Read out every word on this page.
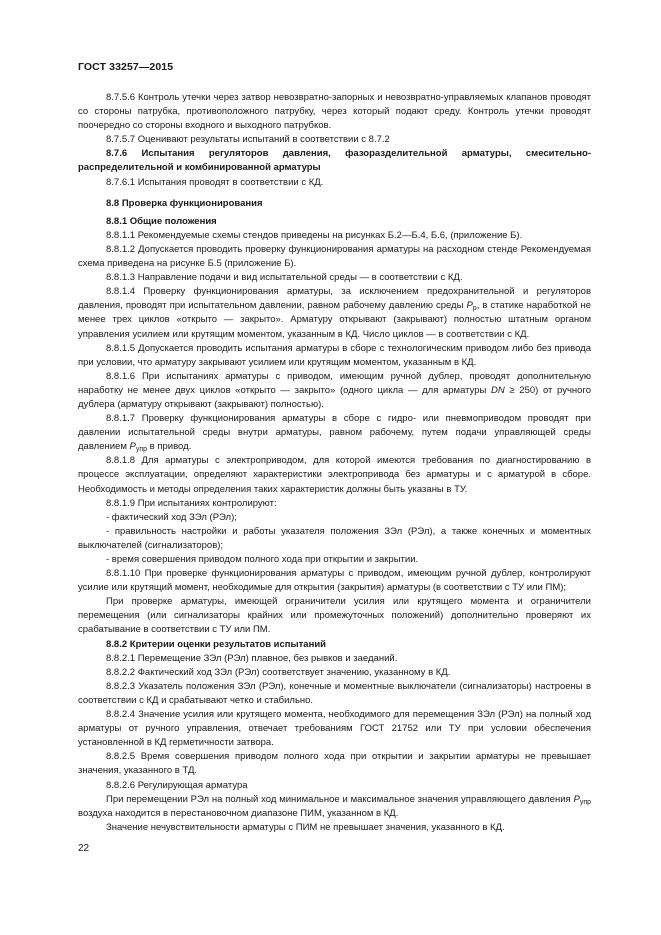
ГОСТ 33257—2015

8.7.5.6 Контроль утечки через затвор невозвратно-запорных и невозвратно-управляемых клапанов проводят со стороны патрубка, противоположного патрубку, через который подают среду. Контроль утечки проводят поочередно со стороны входного и выходного патрубков.

8.7.5.7 Оценивают результаты испытаний в соответствии с 8.7.2

8.7.6 Испытания регуляторов давления, фазоразделительной арматуры, смесительно-распределительной и комбинированной арматуры

8.7.6.1 Испытания проводят в соответствии с КД.

8.8 Проверка функционирования

8.8.1 Общие положения

8.8.1.1 Рекомендуемые схемы стендов приведены на рисунках Б.2—Б.4, Б.6, (приложение Б).

8.8.1.2 Допускается проводить проверку функционирования арматуры на расходном стенде Рекомендуемая схема приведена на рисунке Б.5 (приложение Б).

8.8.1.3 Направление подачи и вид испытательной среды — в соответствии с КД.

8.8.1.4 Проверку функционирования арматуры, за исключением предохранительной и регуляторов давления, проводят при испытательном давлении, равном рабочему давлению среды $P_р$, в статике наработкой не менее трех циклов «открыто — закрыто». Арматуру открывают (закрывают) полностью штатным органом управления усилием или крутящим моментом, указанным в КД. Число циклов — в соответствии с КД.

8.8.1.5 Допускается проводить испытания арматуры в сборе с технологическим приводом либо без привода при условии, что арматуру закрывают усилием или крутящим моментом, указанным в КД.

8.8.1.6 При испытаниях арматуры с приводом, имеющим ручной дублер, проводят дополнительную наработку не менее двух циклов «открыто — закрыто» (одного цикла — для арматуры DN ≥ 250) от ручного дублера (арматуру открывают (закрывают) полностью).

8.8.1.7 Проверку функционирования арматуры в сборе с гидро- или пневмоприводом проводят при давлении испытательной среды внутри арматуры, равном рабочему, путем подачи управляющей среды давлением $P_{упр}$ в привод.

8.8.1.8 Для арматуры с электроприводом, для которой имеются требования по диагностированию в процессе эксплуатации, определяют характеристики электропривода без арматуры и с арматурой в сборе. Необходимость и методы определения таких характеристик должны быть указаны в ТУ.

8.8.1.9 При испытаниях контролируют:

- фактический ход ЗЭл (РЭл);

- правильность настройки и работы указателя положения ЗЭл (РЭл), а также конечных и моментных выключателей (сигнализаторов);

- время совершения приводом полного хода при открытии и закрытии.

8.8.1.10 При проверке функционирования арматуры с приводом, имеющим ручной дублер, контролируют усилие или крутящий момент, необходимые для открытия (закрытия) арматуры (в соответствии с ТУ или ПМ);

При проверке арматуры, имеющей ограничители усилия или крутящего момента и ограничители перемещения (или сигнализаторы крайних или промежуточных положений) дополнительно проверяют их срабатывание в соответствии с ТУ или ПМ.

8.8.2 Критерии оценки результатов испытаний

8.8.2.1 Перемещение ЗЭл (РЭл) плавное, без рывков и заеданий.

8.8.2.2 Фактический ход ЗЭл (РЭл) соответствует значению, указанному в КД.

8.8.2.3 Указатель положения ЗЭл (РЭл), конечные и моментные выключатели (сигнализаторы) настроены в соответствии с КД и срабатывают четко и стабильно.

8.8.2.4 Значение усилия или крутящего момента, необходимого для перемещения ЗЭл (РЭл) на полный ход арматуры от ручного управления, отвечает требованиям ГОСТ 21752 или ТУ при условии обеспечения установленной в КД герметичности затвора.

8.8.2.5 Время совершения приводом полного хода при открытии и закрытии арматуры не превышает значения, указанного в ТД.

8.8.2.6 Регулирующая арматура

При перемещении РЭл на полный ход минимальное и максимальное значения управляющего давления $P_{упр}$ воздуха находится в перестановочном диапазоне ПИМ, указанном в КД.

Значение нечувствительности арматуры с ПИМ не превышает значения, указанного в КД.

22
